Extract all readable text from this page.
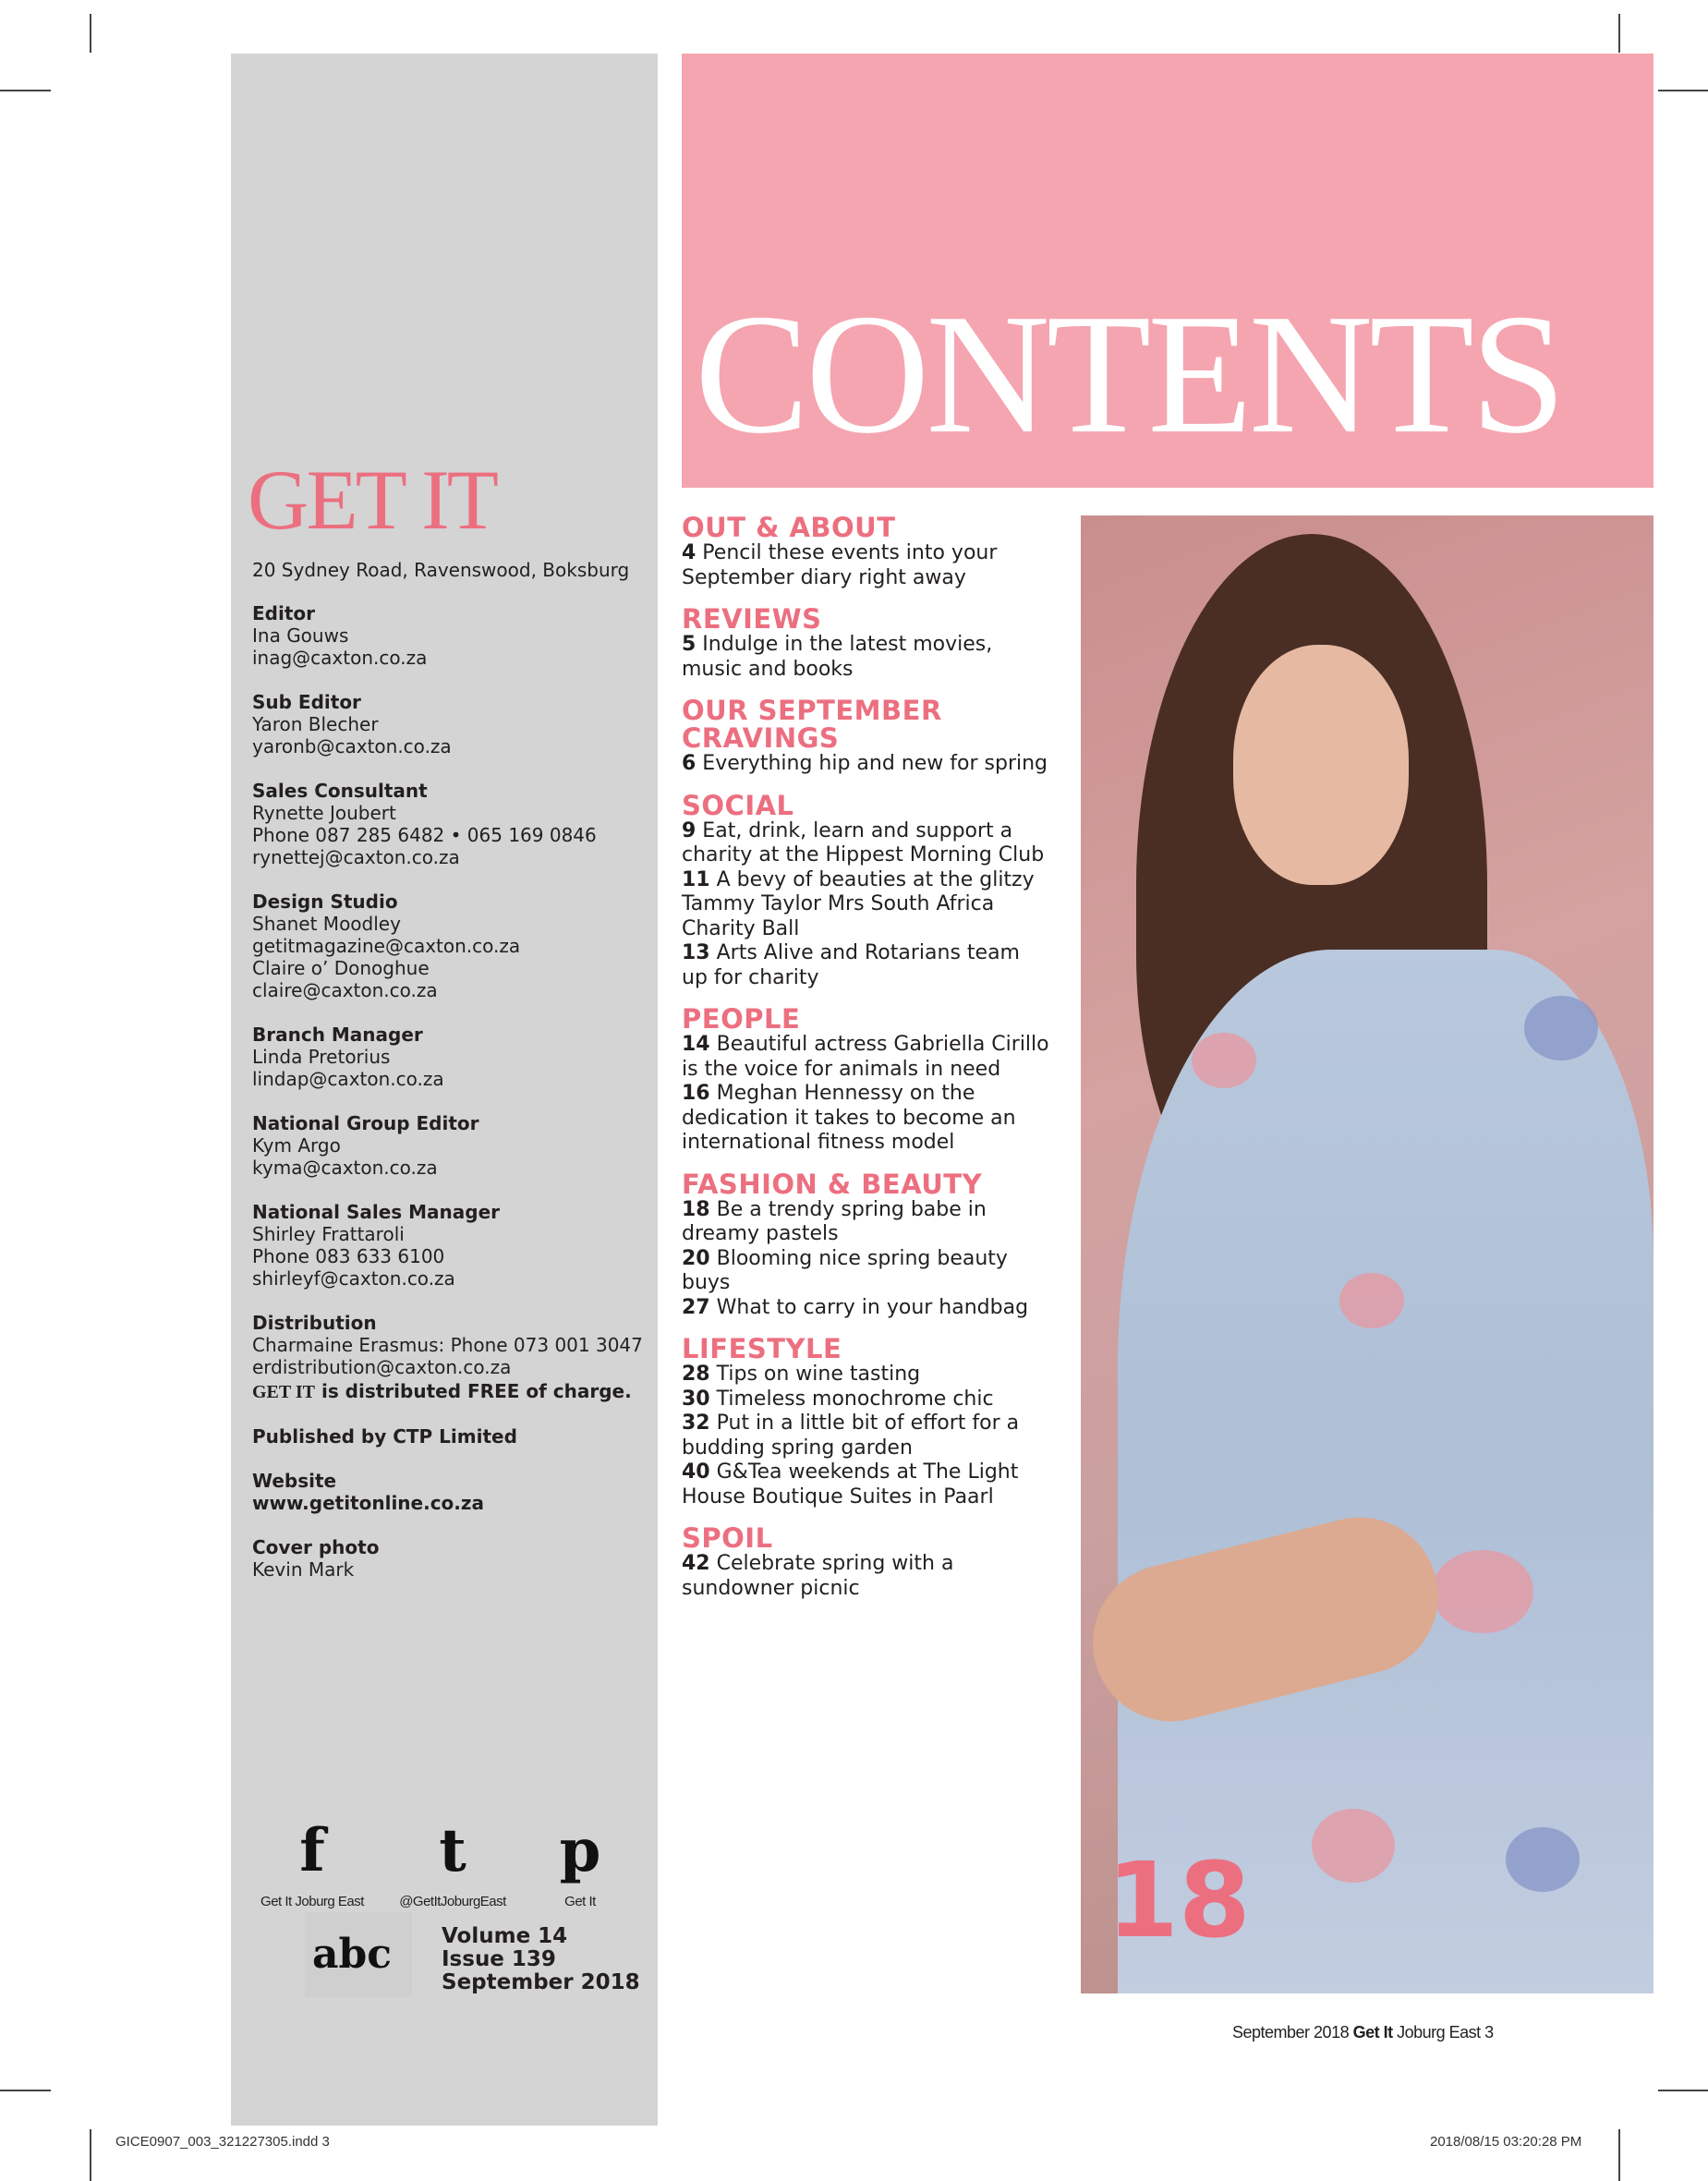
GET IT
20 Sydney Road, Ravenswood, Boksburg
Editor
Ina Gouws
inag@caxton.co.za
Sub Editor
Yaron Blecher
yaronb@caxton.co.za
Sales Consultant
Rynette Joubert
Phone 087 285 6482 • 065 169 0846
rynettej@caxton.co.za
Design Studio
Shanet Moodley
getitmagazine@caxton.co.za
Claire o’ Donoghue
claire@caxton.co.za
Branch Manager
Linda Pretorius
lindap@caxton.co.za
National Group Editor
Kym Argo
kyma@caxton.co.za
National Sales Manager
Shirley Frattaroli
Phone 083 633 6100
shirleyf@caxton.co.za
Distribution
Charmaine Erasmus: Phone 073 001 3047
erdistribution@caxton.co.za
GET IT is distributed FREE of charge.
Published by CTP Limited
Website
www.getitonline.co.za
Cover photo
Kevin Mark
f
Get It Joburg East
t
@GetItJoburgEast
p
Get It
abc Volume 14
Issue 139
September 2018
CONTENTS
OUT & ABOUT
4 Pencil these events into your September diary right away
REVIEWS
5 Indulge in the latest movies, music and books
OUR SEPTEMBER CRAVINGS
6 Everything hip and new for spring
SOCIAL
9 Eat, drink, learn and support a charity at the Hippest Morning Club
11 A bevy of beauties at the glitzy Tammy Taylor Mrs South Africa Charity Ball
13 Arts Alive and Rotarians team up for charity
PEOPLE
14 Beautiful actress Gabriella Cirillo is the voice for animals in need
16 Meghan Hennessy on the dedication it takes to become an international fitness model
FASHION & BEAUTY
18 Be a trendy spring babe in dreamy pastels
20 Blooming nice spring beauty buys
27 What to carry in your handbag
LIFESTYLE
28 Tips on wine tasting
30 Timeless monochrome chic
32 Put in a little bit of effort for a budding spring garden
40 G&Tea weekends at The Light House Boutique Suites in Paarl
SPOIL
42 Celebrate spring with a sundowner picnic
18
September 2018 Get It Joburg East 3
GICE0907_003_321227305.indd 3	2018/08/15 03:20:28 PM
